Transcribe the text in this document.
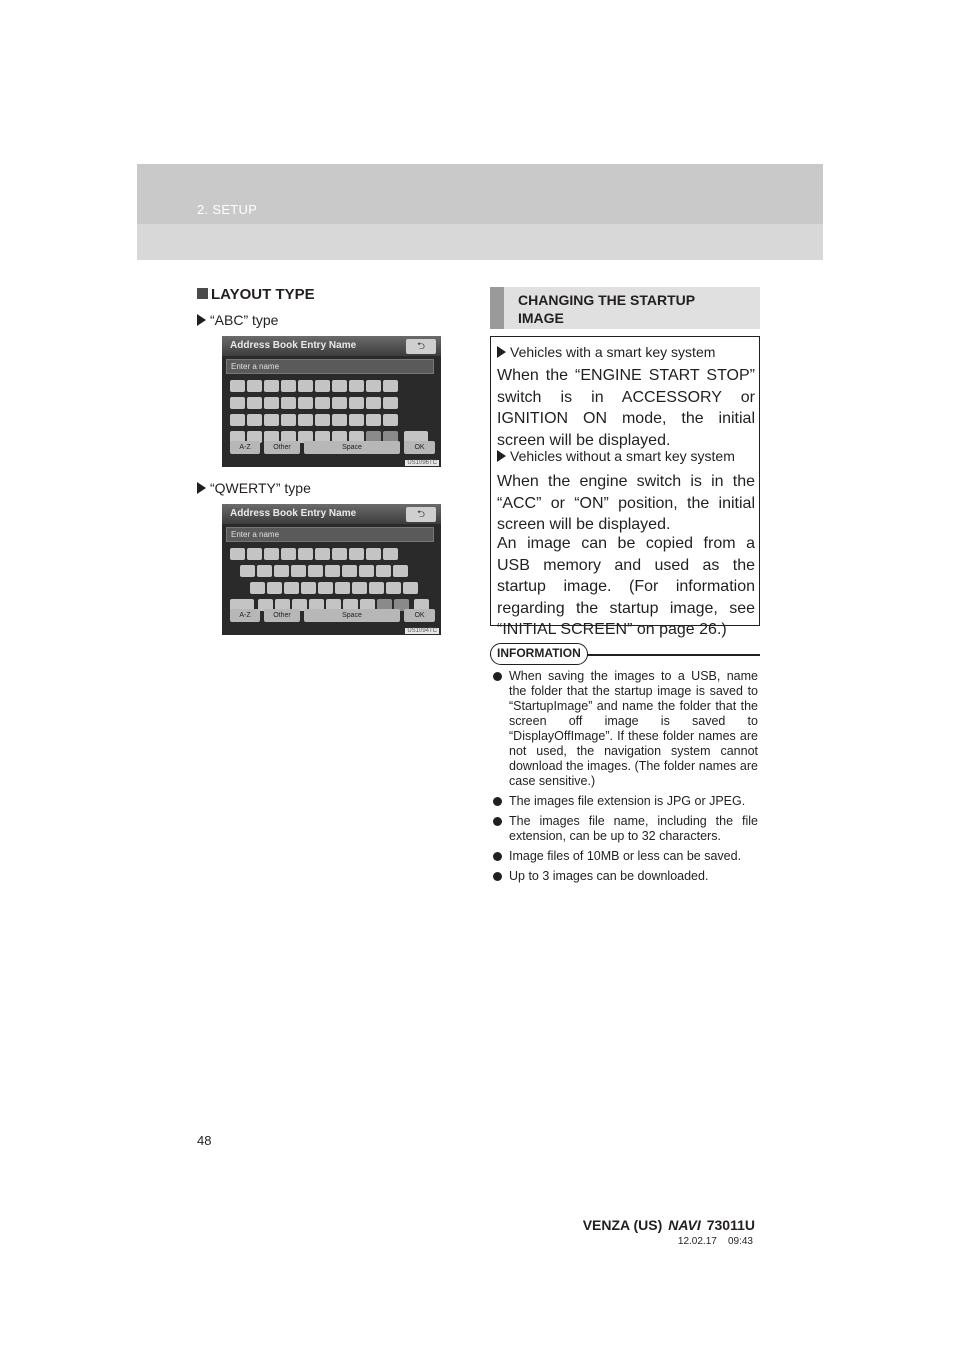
2. SETUP
LAYOUT TYPE
“ABC” type
Address Book Entry Name	⮌
Enter a name
A-Z	Other	Space	OK
US1096TC
“QWERTY” type
Address Book Entry Name	⮌
Enter a name
A-Z	Other	Space	OK
US1094TC
CHANGING THE STARTUP
IMAGE

Vehicles with a smart key system

When the “ENGINE START STOP” switch is in ACCESSORY or IGNITION ON mode, the initial screen will be displayed.

Vehicles without a smart key system

When the engine switch is in the “ACC” or “ON” position, the initial screen will be displayed.

An image can be copied from a USB memory and used as the startup image. (For information regarding the startup image, see “INITIAL SCREEN” on page 26.)

INFORMATION
When saving the images to a USB, name the folder that the startup image is saved to “StartupImage” and name the folder that the screen off image is saved to “DisplayOffImage”. If these folder names are not used, the navigation system cannot download the images. (The folder names are case sensitive.)
The images file extension is JPG or JPEG.
The images file name, including the file extension, can be up to 32 characters.
Image files of 10MB or less can be saved.
Up to 3 images can be downloaded.
48
VENZA (US) NAVI 73011U
12.02.17 09:43
